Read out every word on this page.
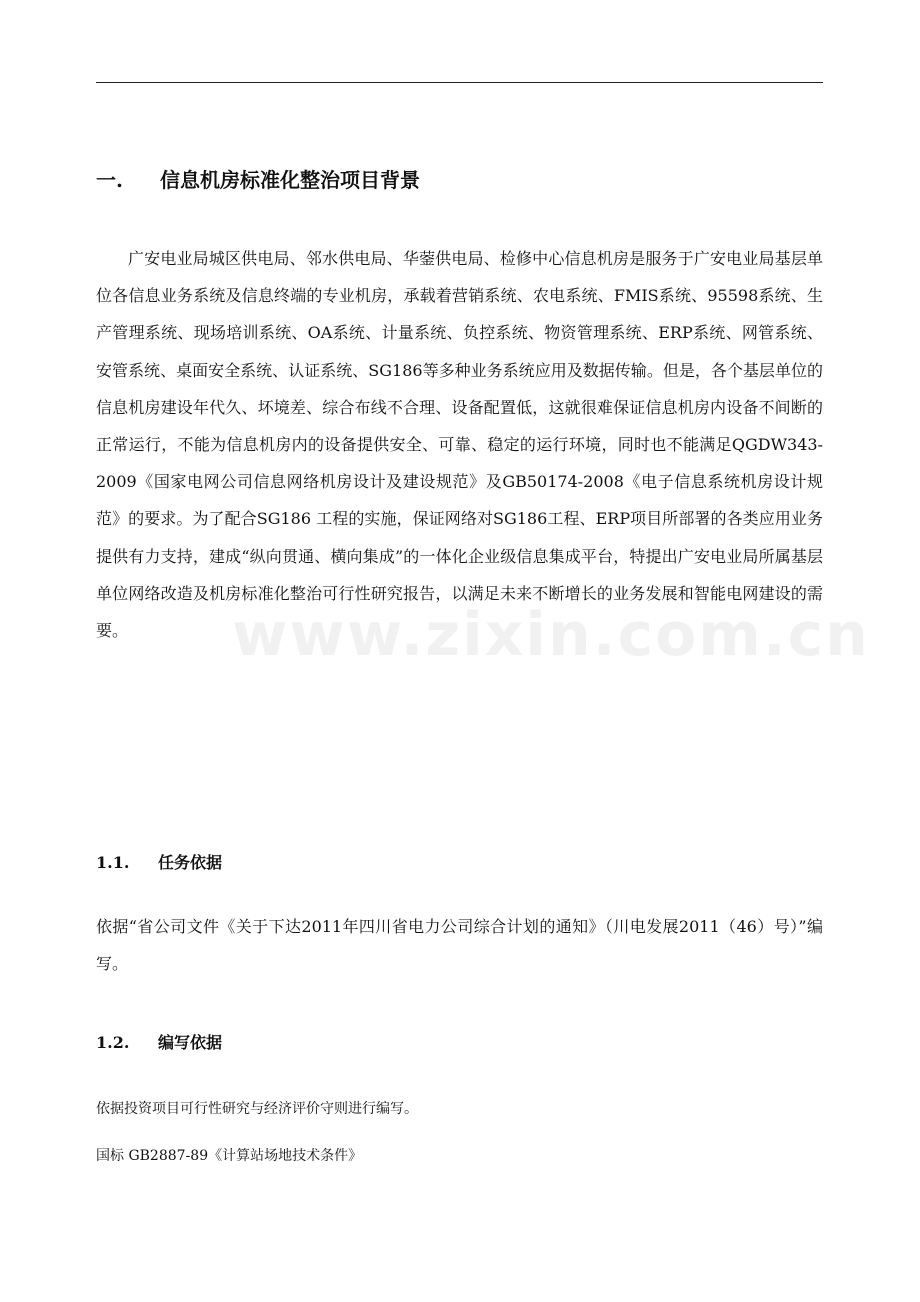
www.zixin.com.cn
一. 信息机房标准化整治项目背景

广安电业局城区供电局、邻水供电局、华蓥供电局、检修中心信息机房是服务于广安电业局基层单位各信息业务系统及信息终端的专业机房，承载着营销系统、农电系统、FMIS系统、95598系统、生产管理系统、现场培训系统、OA系统、计量系统、负控系统、物资管理系统、ERP系统、网管系统、安管系统、桌面安全系统、认证系统、SG186等多种业务系统应用及数据传输。但是，各个基层单位的信息机房建设年代久、坏境差、综合布线不合理、设备配置低，这就很难保证信息机房内设备不间断的正常运行，不能为信息机房内的设备提供安全、可靠、稳定的运行环境，同时也不能满足QGDW343-2009《国家电网公司信息网络机房设计及建设规范》及GB50174-2008《电子信息系统机房设计规范》的要求。为了配合SG186 工程的实施，保证网络对SG186工程、ERP项目所部署的各类应用业务提供有力支持，建成“纵向贯通、横向集成”的一体化企业级信息集成平台，特提出广安电业局所属基层单位网络改造及机房标准化整治可行性研究报告，以满足未来不断增长的业务发展和智能电网建设的需要。

1.1. 任务依据

依据“省公司文件《关于下达2011年四川省电力公司综合计划的通知》（川电发展2011（46）号）”编写。

1.2. 编写依据

依据投资项目可行性研究与经济评价守则进行编写。

国标 GB2887-89《计算站场地技术条件》
